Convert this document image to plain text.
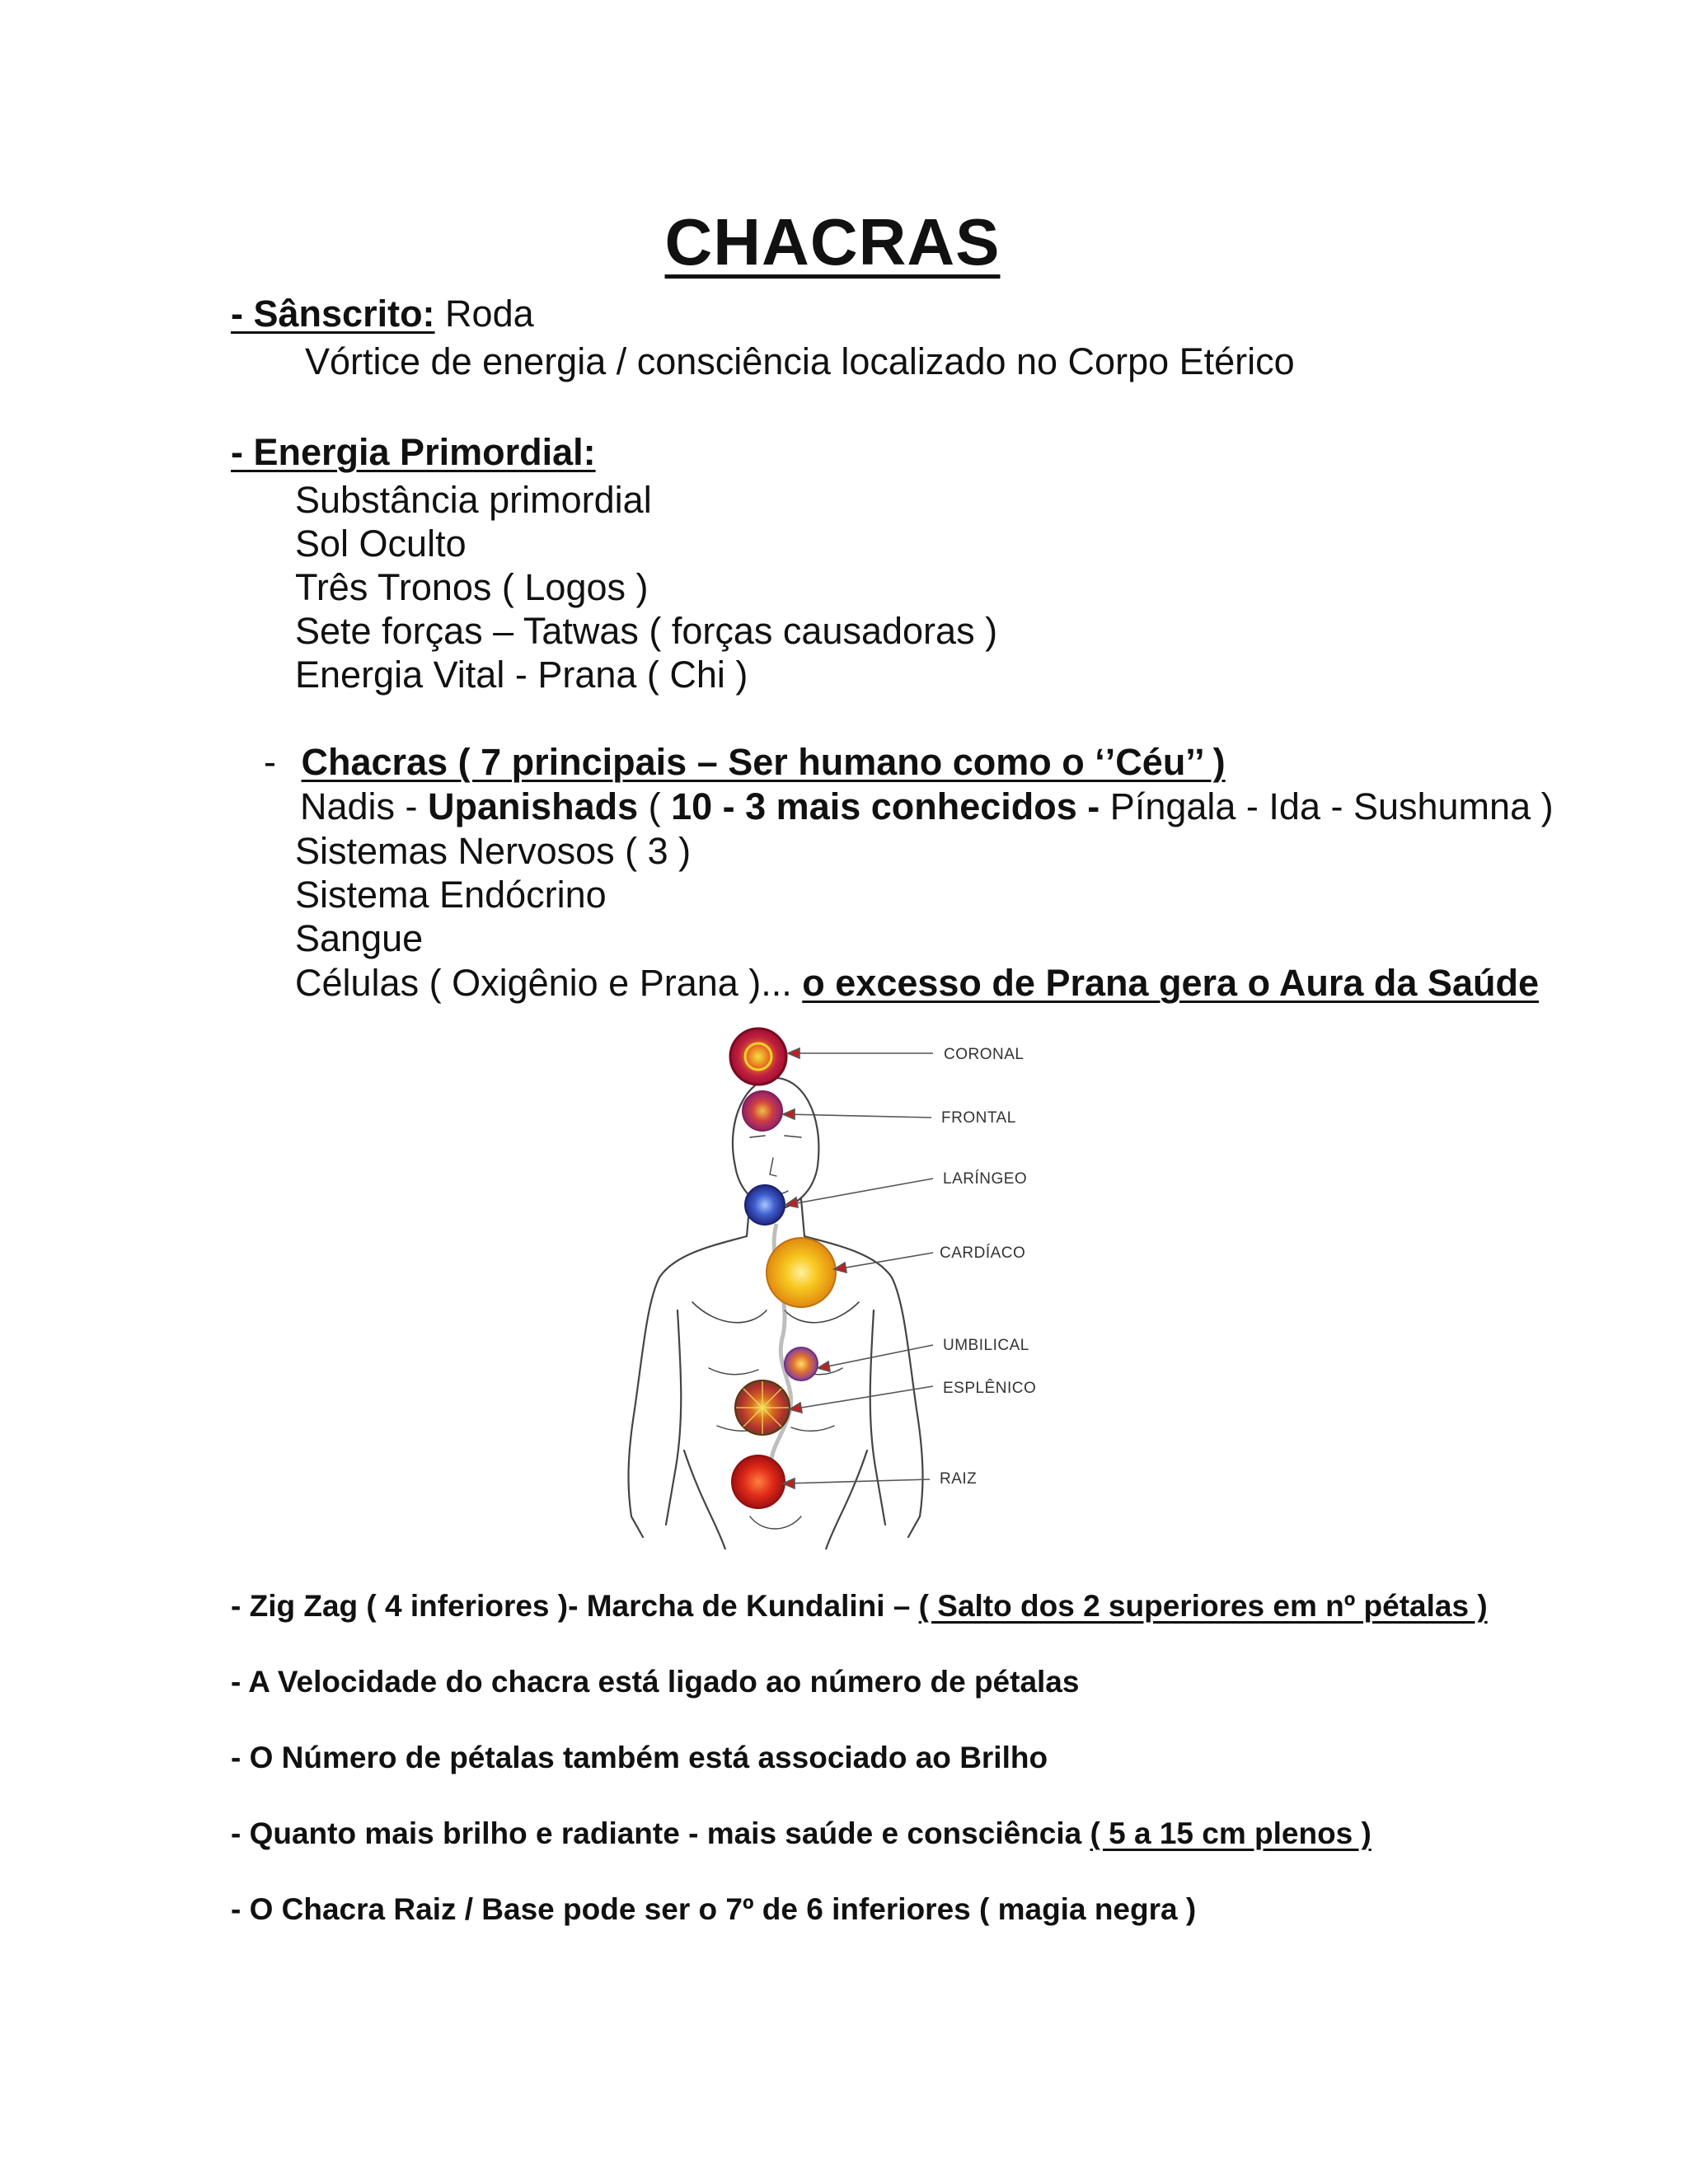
CHACRAS
- Sânscrito: Roda
Vórtice de energia / consciência localizado no Corpo Etérico
- Energia Primordial:
Substância primordial
Sol Oculto
Três Tronos ( Logos )
Sete forças – Tatwas ( forças causadoras )
Energia Vital - Prana ( Chi )
- Chacras ( 7 principais – Ser humano como o ‘’Céu’’ )
Nadis - Upanishads ( 10 - 3 mais conhecidos - Píngala - Ida - Sushumna )
Sistemas Nervosos ( 3 )
Sistema Endócrino
Sangue
Células ( Oxigênio e Prana )... o excesso de Prana gera o Aura da Saúde
CORONAL
FRONTAL
LARÍNGEO
CARDÍACO
UMBILICAL
ESPLÊNICO
RAIZ
- Zig Zag ( 4 inferiores )- Marcha de Kundalini – ( Salto dos 2 superiores em nº pétalas )
- A Velocidade do chacra está ligado ao número de pétalas
- O Número de pétalas também está associado ao Brilho
- Quanto mais brilho e radiante - mais saúde e consciência ( 5 a 15 cm plenos )
- O Chacra Raiz / Base pode ser o 7º de 6 inferiores ( magia negra )
